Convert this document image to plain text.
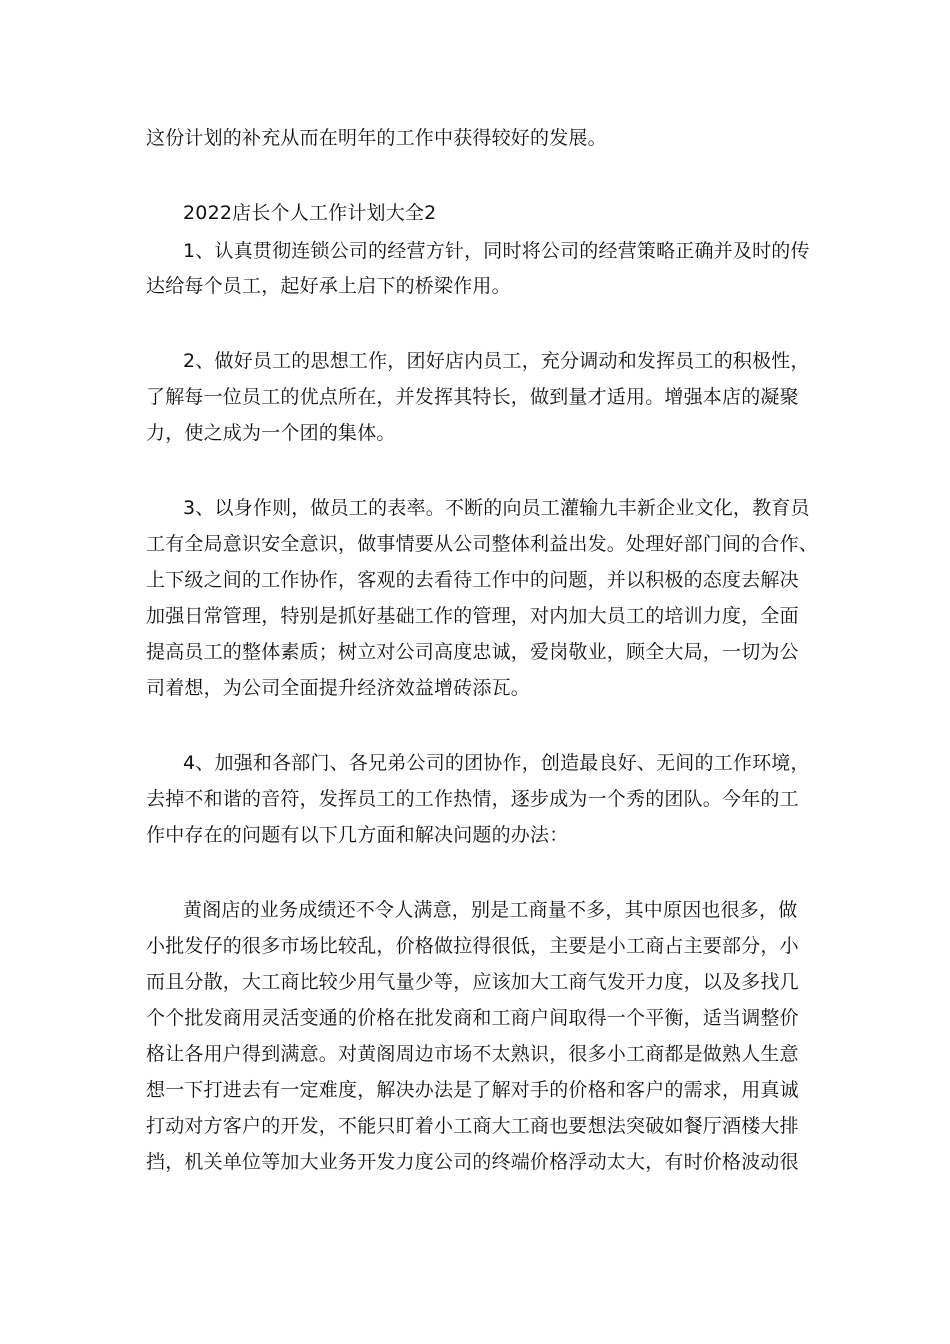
这份计划的补充从而在明年的工作中获得较好的发展。
2022店长个人工作计划大全2
1、认真贯彻连锁公司的经营方针，同时将公司的经营策略正确并及时的传
达给每个员工，起好承上启下的桥梁作用。
2、做好员工的思想工作，团好店内员工，充分调动和发挥员工的积极性，
了解每一位员工的优点所在，并发挥其特长，做到量才适用。增强本店的凝聚
力，使之成为一个团的集体。
3、以身作则，做员工的表率。不断的向员工灌输九丰新企业文化，教育员
工有全局意识安全意识，做事情要从公司整体利益出发。处理好部门间的合作、
上下级之间的工作协作，客观的去看待工作中的问题，并以积极的态度去解决
加强日常管理，特别是抓好基础工作的管理，对内加大员工的培训力度，全面
提高员工的整体素质；树立对公司高度忠诚，爱岗敬业，顾全大局，一切为公
司着想，为公司全面提升经济效益增砖添瓦。
4、加强和各部门、各兄弟公司的团协作，创造最良好、无间的工作环境，
去掉不和谐的音符，发挥员工的工作热情，逐步成为一个秀的团队。今年的工
作中存在的问题有以下几方面和解决问题的办法：
黄阁店的业务成绩还不令人满意，别是工商量不多，其中原因也很多，做
小批发仔的很多市场比较乱，价格做拉得很低，主要是小工商占主要部分，小
而且分散，大工商比较少用气量少等，应该加大工商气发开力度，以及多找几
个个批发商用灵活变通的价格在批发商和工商户间取得一个平衡，适当调整价
格让各用户得到满意。对黄阁周边市场不太熟识，很多小工商都是做熟人生意
想一下打进去有一定难度，解决办法是了解对手的价格和客户的需求，用真诚
打动对方客户的开发，不能只盯着小工商大工商也要想法突破如餐厅酒楼大排
挡，机关单位等加大业务开发力度公司的终端价格浮动太大，有时价格波动很
